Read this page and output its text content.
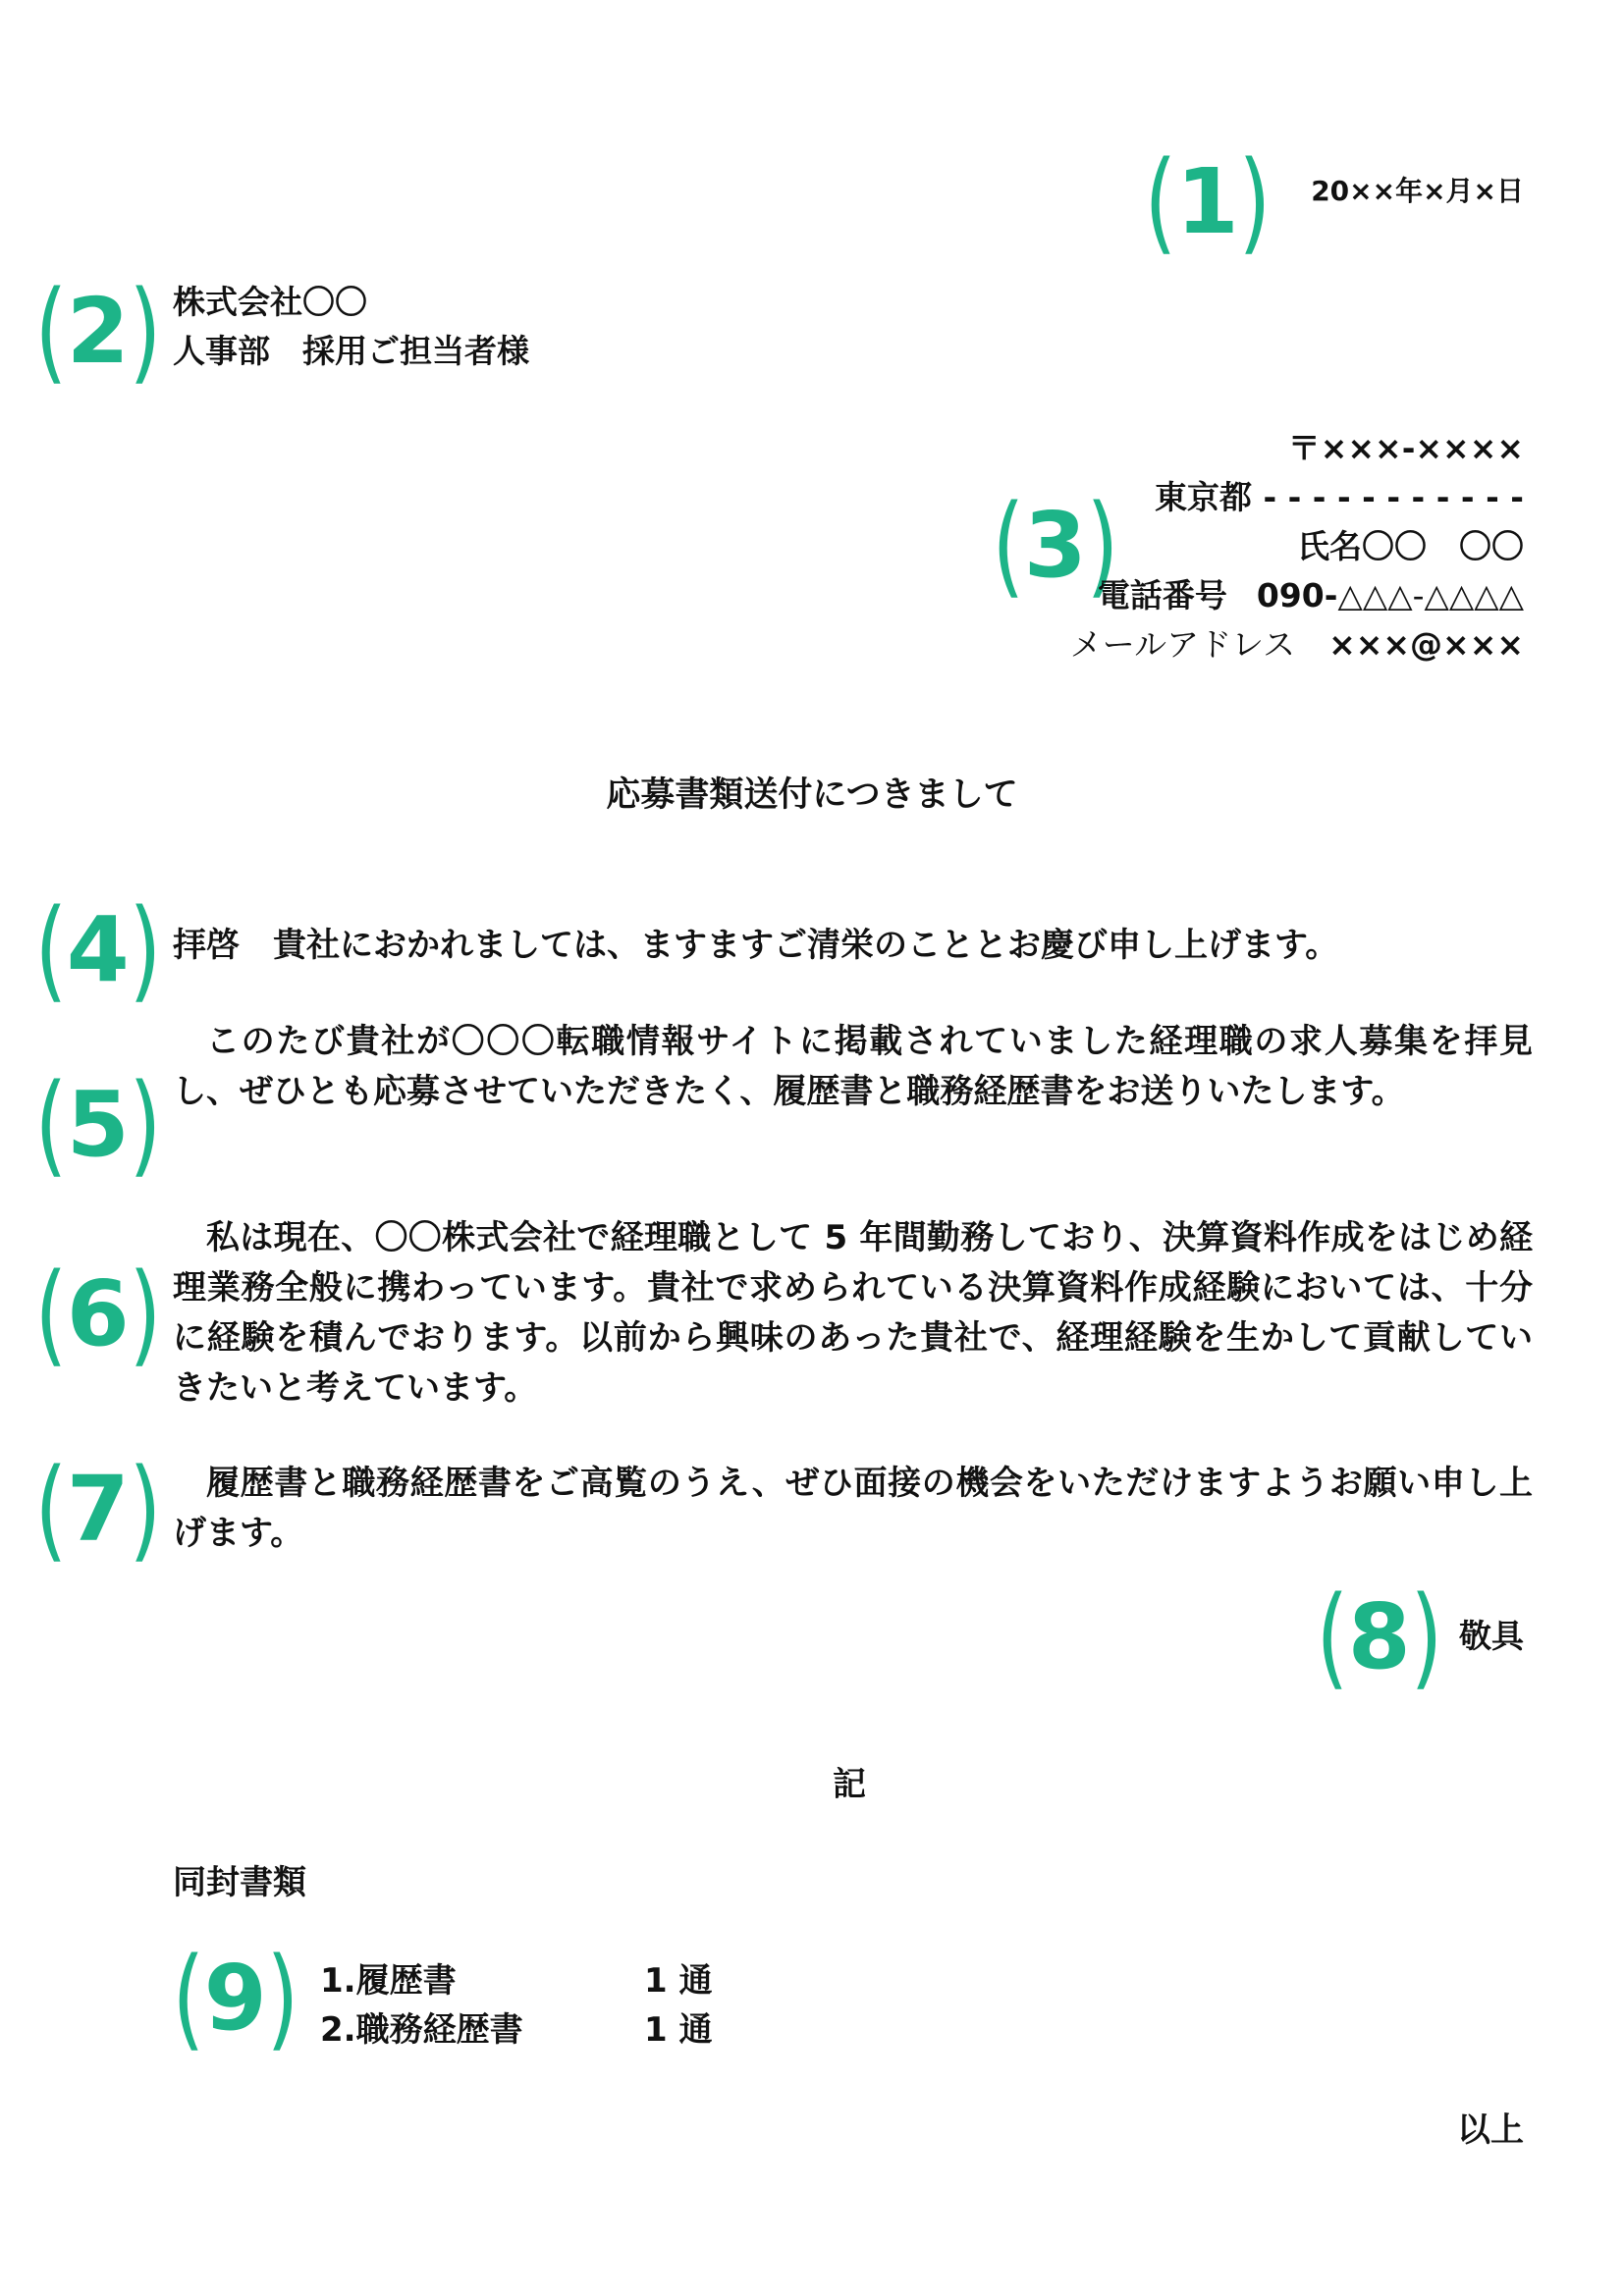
( 1 ) 20××年×月×日
( 2 ) 株式会社〇〇
人事部　採用ご担当者様
( 3 )
〒×××-××××
東京都 - - - - - - - - - - -
氏名〇〇　〇〇
電話番号 090-△△△-△△△△
メールアドレス ×××@×××
応募書類送付につきまして
( 4 ) 拝啓　貴社におかれましては、ますますご清栄のこととお慶び申し上げます。
( 5 )
このたび貴社が〇〇〇転職情報サイトに掲載されていました経理職の求人募集を拝見し、ぜひとも応募させていただきたく、履歴書と職務経歴書をお送りいたします。
( 6 )
私は現在、〇〇株式会社で経理職として 5 年間勤務しており、決算資料作成をはじめ経理業務全般に携わっています。貴社で求められている決算資料作成経験においては、十分に経験を積んでおります。以前から興味のあった貴社で、経理経験を生かして貢献していきたいと考えています。
( 7 )	履歴書と職務経歴書をご高覧のうえ、ぜひ面接の機会をいただけますようお願い申し上げます。
( 8 ) 敬具
記
同封書類
( 9 ) 1.履歴書	1 通
2.職務経歴書	1 通
以上
